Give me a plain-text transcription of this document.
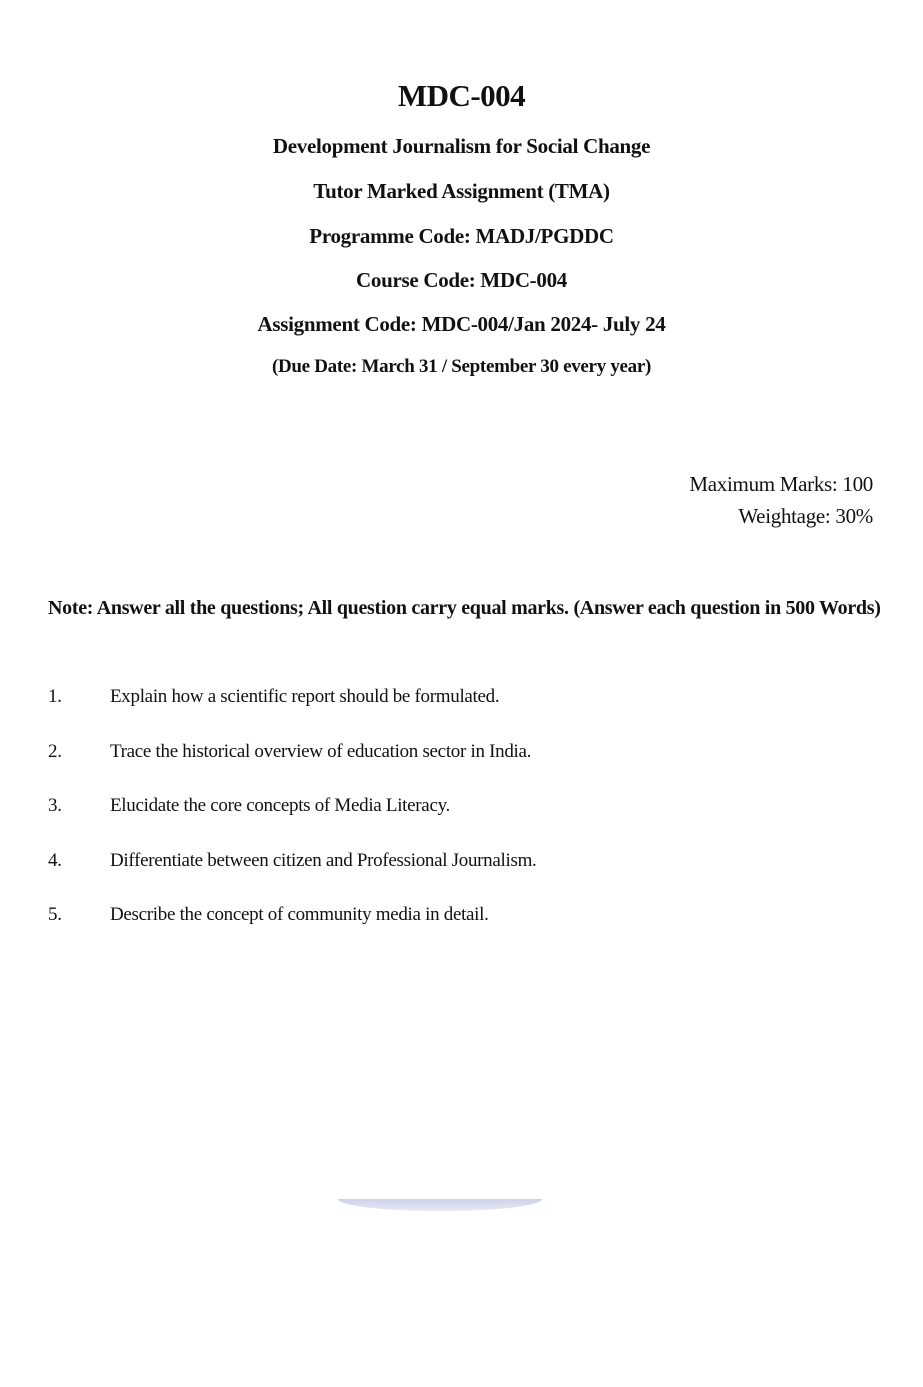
MDC-004
Development Journalism for Social Change
Tutor Marked Assignment (TMA)
Programme Code: MADJ/PGDDC
Course Code: MDC-004
Assignment Code: MDC-004/Jan 2024- July 24
(Due Date: March 31 / September 30 every year)
Maximum Marks: 100
Weightage: 30%
Note: Answer all the questions; All question carry equal marks. (Answer each question in 500 Words)
1.	Explain how a scientific report should be formulated.
2.	Trace the historical overview of education sector in India.
3.	Elucidate the core concepts of Media Literacy.
4.	Differentiate between citizen and Professional Journalism.
5.	Describe the concept of community media in detail.
